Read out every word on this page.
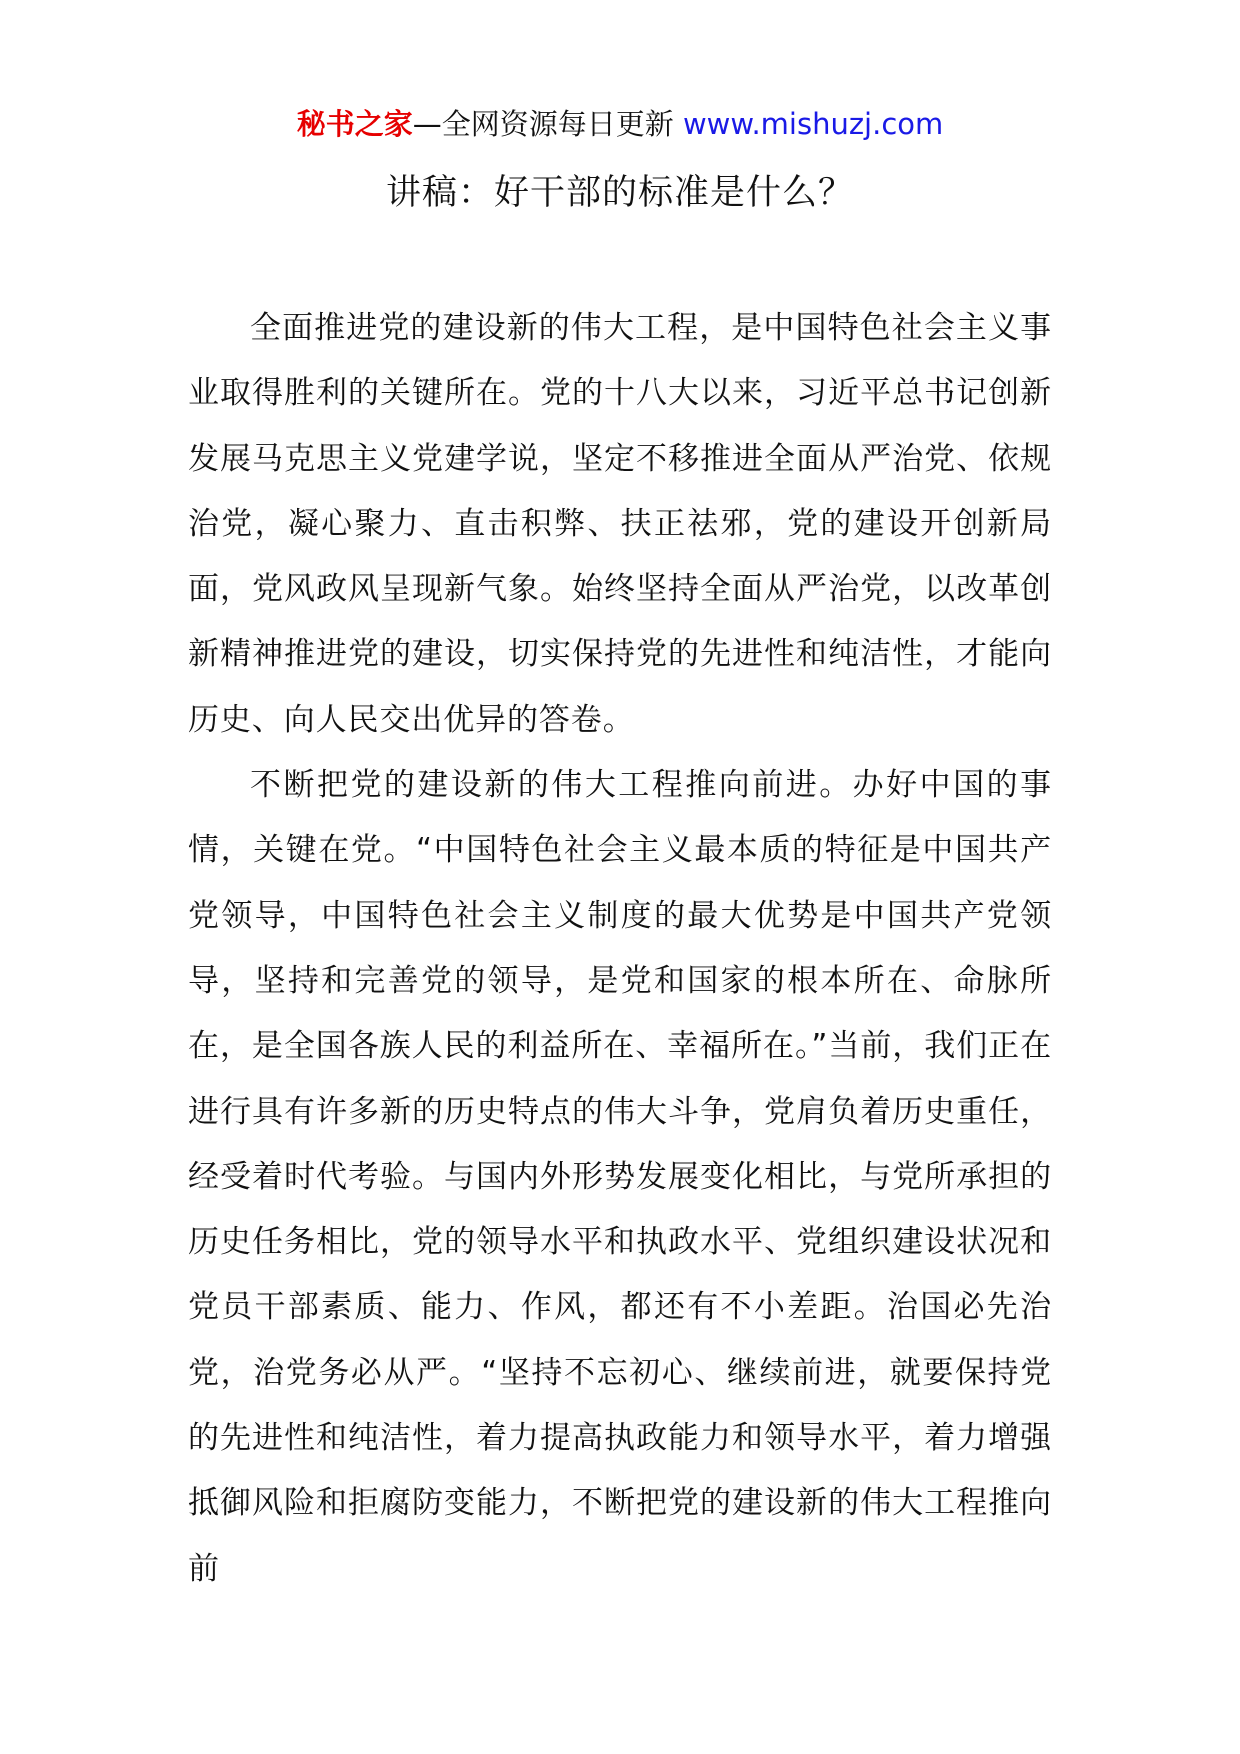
秘书之家—全网资源每日更新 www.mishuzj.com
讲稿：好干部的标准是什么？

全面推进党的建设新的伟大工程，是中国特色社会主义事业取得胜利的关键所在。党的十八大以来，习近平总书记创新发展马克思主义党建学说，坚定不移推进全面从严治党、依规治党，凝心聚力、直击积弊、扶正祛邪，党的建设开创新局面，党风政风呈现新气象。始终坚持全面从严治党，以改革创新精神推进党的建设，切实保持党的先进性和纯洁性，才能向历史、向人民交出优异的答卷。

不断把党的建设新的伟大工程推向前进。办好中国的事情，关键在党。“中国特色社会主义最本质的特征是中国共产党领导，中国特色社会主义制度的最大优势是中国共产党领导，坚持和完善党的领导，是党和国家的根本所在、命脉所在，是全国各族人民的利益所在、幸福所在。”当前，我们正在进行具有许多新的历史特点的伟大斗争，党肩负着历史重任，经受着时代考验。与国内外形势发展变化相比，与党所承担的历史任务相比，党的领导水平和执政水平、党组织建设状况和党员干部素质、能力、作风，都还有不小差距。治国必先治党，治党务必从严。“坚持不忘初心、继续前进，就要保持党的先进性和纯洁性，着力提高执政能力和领导水平，着力增强抵御风险和拒腐防变能力，不断把党的建设新的伟大工程推向前
